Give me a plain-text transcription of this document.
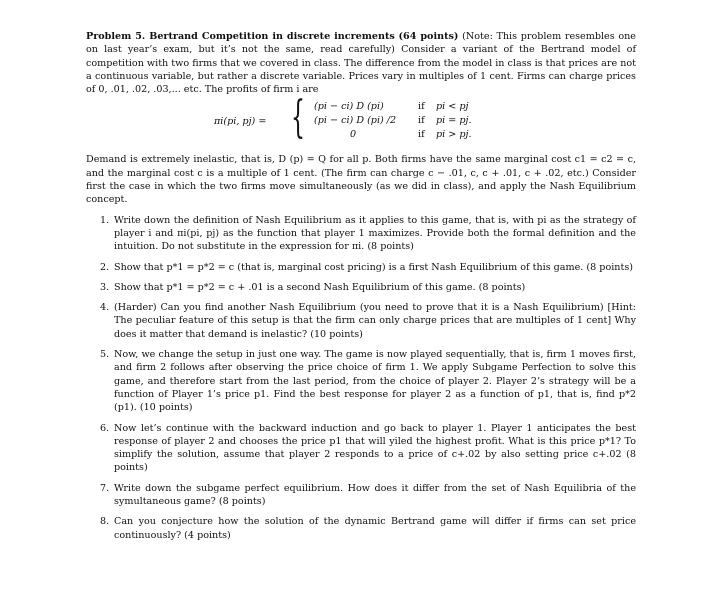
Problem 5. Bertrand Competition in discrete increments (64 points) (Note: This problem resembles one on last year’s exam, but it’s not the same, read carefully) Consider a variant of the Bertrand model of competition with two firms that we covered in class. The difference from the model in class is that prices are not a continuous variable, but rather a discrete variable. Prices vary in multiples of 1 cent. Firms can charge prices of 0, .01, .02, .03,... etc. The profits of firm i are

πi(pi, pj) = { (pi − ci) D (pi)	if pi < pj
(pi − ci) D (pi) /2 if pi = pj.
0	if pi > pj.

Demand is extremely inelastic, that is, D (p) = Q for all p. Both firms have the same marginal cost c1 = c2 = c, and the marginal cost c is a multiple of 1 cent. (The firm can charge c − .01, c, c + .01, c + .02, etc.) Consider first the case in which the two firms move simultaneously (as we did in class), and apply the Nash Equilibrium concept.

1. Write down the definition of Nash Equilibrium as it applies to this game, that is, with pi as the strategy of player i and πi(pi, pj) as the function that player 1 maximizes. Provide both the formal definition and the intuition. Do not substitute in the expression for πi. (8 points)
2. Show that p*1 = p*2 = c (that is, marginal cost pricing) is a first Nash Equilibrium of this game. (8 points)
3. Show that p*1 = p*2 = c + .01 is a second Nash Equilibrium of this game. (8 points)
4. (Harder) Can you find another Nash Equilibrium (you need to prove that it is a Nash Equilibrium) [Hint: The peculiar feature of this setup is that the firm can only charge prices that are multiples of 1 cent] Why does it matter that demand is inelastic? (10 points)
5. Now, we change the setup in just one way. The game is now played sequentially, that is, firm 1 moves first, and firm 2 follows after observing the price choice of firm 1. We apply Subgame Perfection to solve this game, and therefore start from the last period, from the choice of player 2. Player 2’s strategy will be a function of Player 1’s price p1. Find the best response for player 2 as a function of p1, that is, find p*2 (p1). (10 points)
6. Now let’s continue with the backward induction and go back to player 1. Player 1 anticipates the best response of player 2 and chooses the price p1 that will yiled the highest profit. What is this price p*1? To simplify the solution, assume that player 2 responds to a price of c+.02 by also setting price c+.02 (8 points)
7. Write down the subgame perfect equilibrium. How does it differ from the set of Nash Equilibria of the symultaneous game? (8 points)
8. Can you conjecture how the solution of the dynamic Bertrand game will differ if firms can set price continuously? (4 points)
